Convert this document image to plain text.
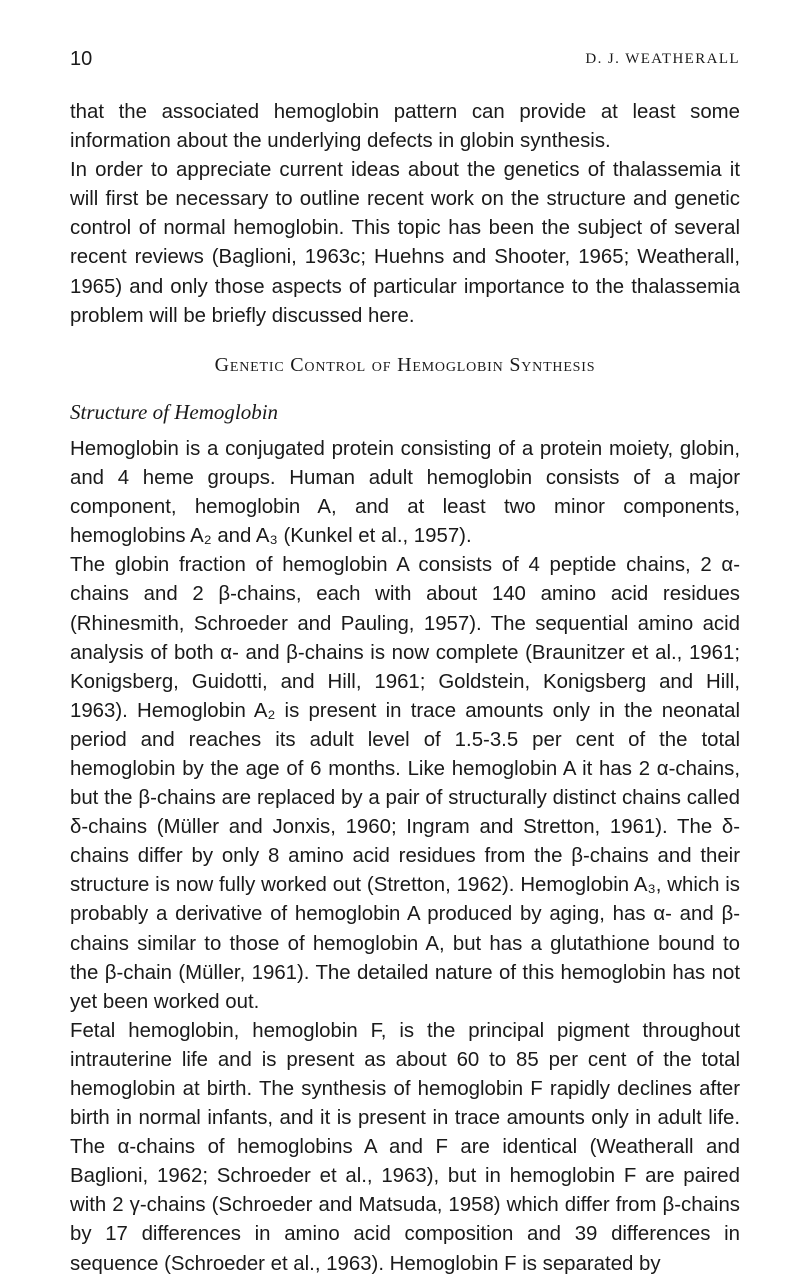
10	D. J. WEATHERALL

that the associated hemoglobin pattern can provide at least some information about the underlying defects in globin synthesis.

In order to appreciate current ideas about the genetics of thalassemia it will first be necessary to outline recent work on the structure and genetic control of normal hemoglobin. This topic has been the subject of several recent reviews (Baglioni, 1963c; Huehns and Shooter, 1965; Weatherall, 1965) and only those aspects of particular importance to the thalassemia problem will be briefly discussed here.

Genetic Control of Hemoglobin Synthesis
Structure of Hemoglobin

Hemoglobin is a conjugated protein consisting of a protein moiety, globin, and 4 heme groups. Human adult hemoglobin consists of a major component, hemoglobin A, and at least two minor components, hemoglobins A₂ and A₃ (Kunkel et al., 1957).

The globin fraction of hemoglobin A consists of 4 peptide chains, 2 α-chains and 2 β-chains, each with about 140 amino acid residues (Rhinesmith, Schroeder and Pauling, 1957). The sequential amino acid analysis of both α- and β-chains is now complete (Braunitzer et al., 1961; Konigsberg, Guidotti, and Hill, 1961; Goldstein, Konigsberg and Hill, 1963). Hemoglobin A₂ is present in trace amounts only in the neonatal period and reaches its adult level of 1.5-3.5 per cent of the total hemoglobin by the age of 6 months. Like hemoglobin A it has 2 α-chains, but the β-chains are replaced by a pair of structurally distinct chains called δ-chains (Müller and Jonxis, 1960; Ingram and Stretton, 1961). The δ-chains differ by only 8 amino acid residues from the β-chains and their structure is now fully worked out (Stretton, 1962). Hemoglobin A₃, which is probably a derivative of hemoglobin A produced by aging, has α- and β-chains similar to those of hemoglobin A, but has a glutathione bound to the β-chain (Müller, 1961). The detailed nature of this hemoglobin has not yet been worked out.

Fetal hemoglobin, hemoglobin F, is the principal pigment throughout intrauterine life and is present as about 60 to 85 per cent of the total hemoglobin at birth. The synthesis of hemoglobin F rapidly declines after birth in normal infants, and it is present in trace amounts only in adult life. The α-chains of hemoglobins A and F are identical (Weatherall and Baglioni, 1962; Schroeder et al., 1963), but in hemoglobin F are paired with 2 γ-chains (Schroeder and Matsuda, 1958) which differ from β-chains by 17 differences in amino acid composition and 39 differences in sequence (Schroeder et al., 1963). Hemoglobin F is separated by
